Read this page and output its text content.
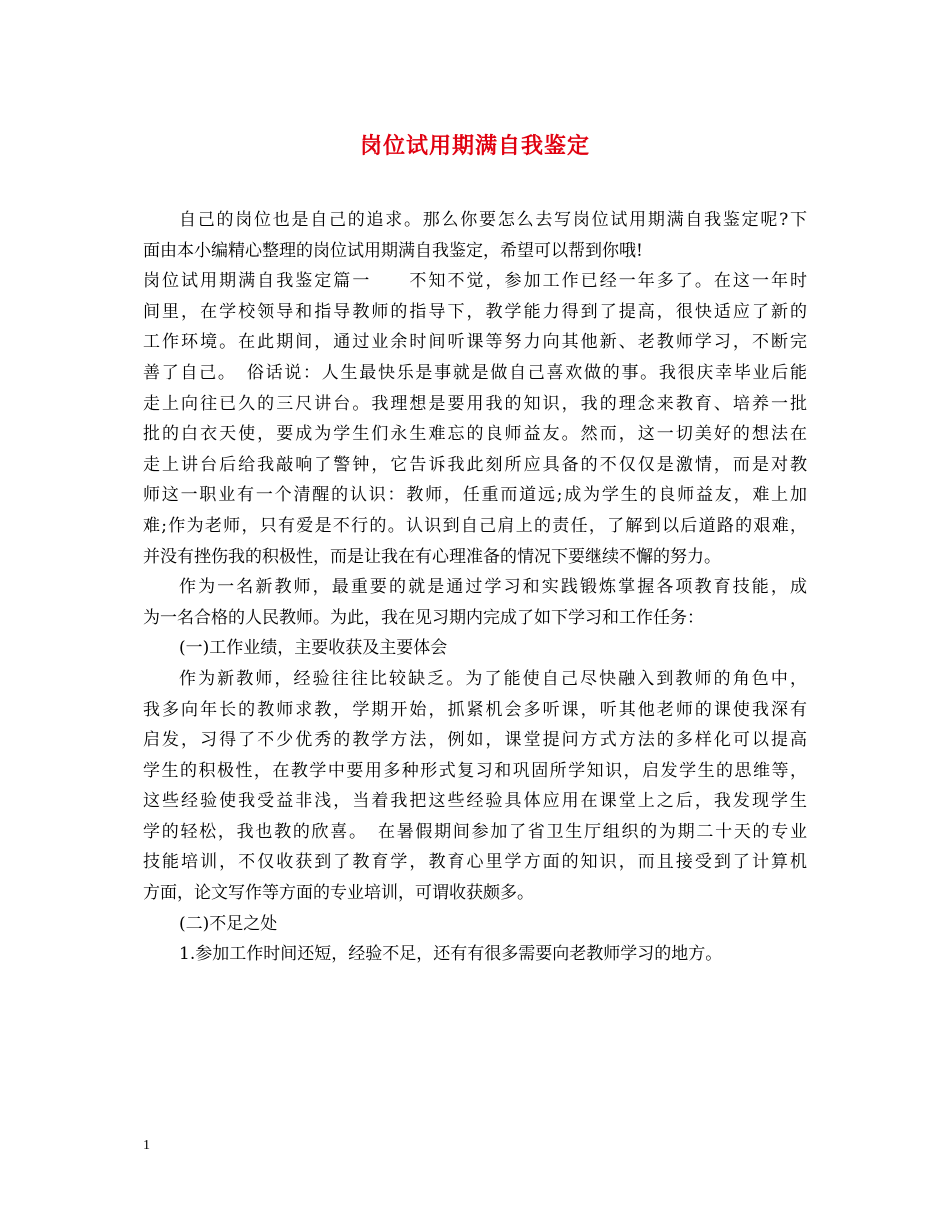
岗位试用期满自我鉴定
自己的岗位也是自己的追求。那么你要怎么去写岗位试用期满自我鉴定呢?下
面由本小编精心整理的岗位试用期满自我鉴定，希望可以帮到你哦!
岗位试用期满自我鉴定篇一　　不知不觉，参加工作已经一年多了。在这一年时
间里，在学校领导和指导教师的指导下，教学能力得到了提高，很快适应了新的
工作环境。在此期间，通过业余时间听课等努力向其他新、老教师学习，不断完
善了自己。　俗话说：人生最快乐是事就是做自己喜欢做的事。我很庆幸毕业后能
走上向往已久的三尺讲台。我理想是要用我的知识，我的理念来教育、培养一批
批的白衣天使，要成为学生们永生难忘的良师益友。然而，这一切美好的想法在
走上讲台后给我敲响了警钟，它告诉我此刻所应具备的不仅仅是激情，而是对教
师这一职业有一个清醒的认识：教师，任重而道远;成为学生的良师益友，难上加
难;作为老师，只有爱是不行的。认识到自己肩上的责任，了解到以后道路的艰难，
并没有挫伤我的积极性，而是让我在有心理准备的情况下要继续不懈的努力。
作为一名新教师，最重要的就是通过学习和实践锻炼掌握各项教育技能，成
为一名合格的人民教师。为此，我在见习期内完成了如下学习和工作任务：
(一)工作业绩，主要收获及主要体会
作为新教师，经验往往比较缺乏。为了能使自己尽快融入到教师的角色中，
我多向年长的教师求教，学期开始，抓紧机会多听课，听其他老师的课使我深有
启发，习得了不少优秀的教学方法，例如，课堂提问方式方法的多样化可以提高
学生的积极性，在教学中要用多种形式复习和巩固所学知识，启发学生的思维等，
这些经验使我受益非浅，当着我把这些经验具体应用在课堂上之后，我发现学生
学的轻松，我也教的欣喜。　在暑假期间参加了省卫生厅组织的为期二十天的专业
技能培训，不仅收获到了教育学，教育心里学方面的知识，而且接受到了计算机
方面，论文写作等方面的专业培训，可谓收获颇多。
(二)不足之处
1.参加工作时间还短，经验不足，还有有很多需要向老教师学习的地方。
1
